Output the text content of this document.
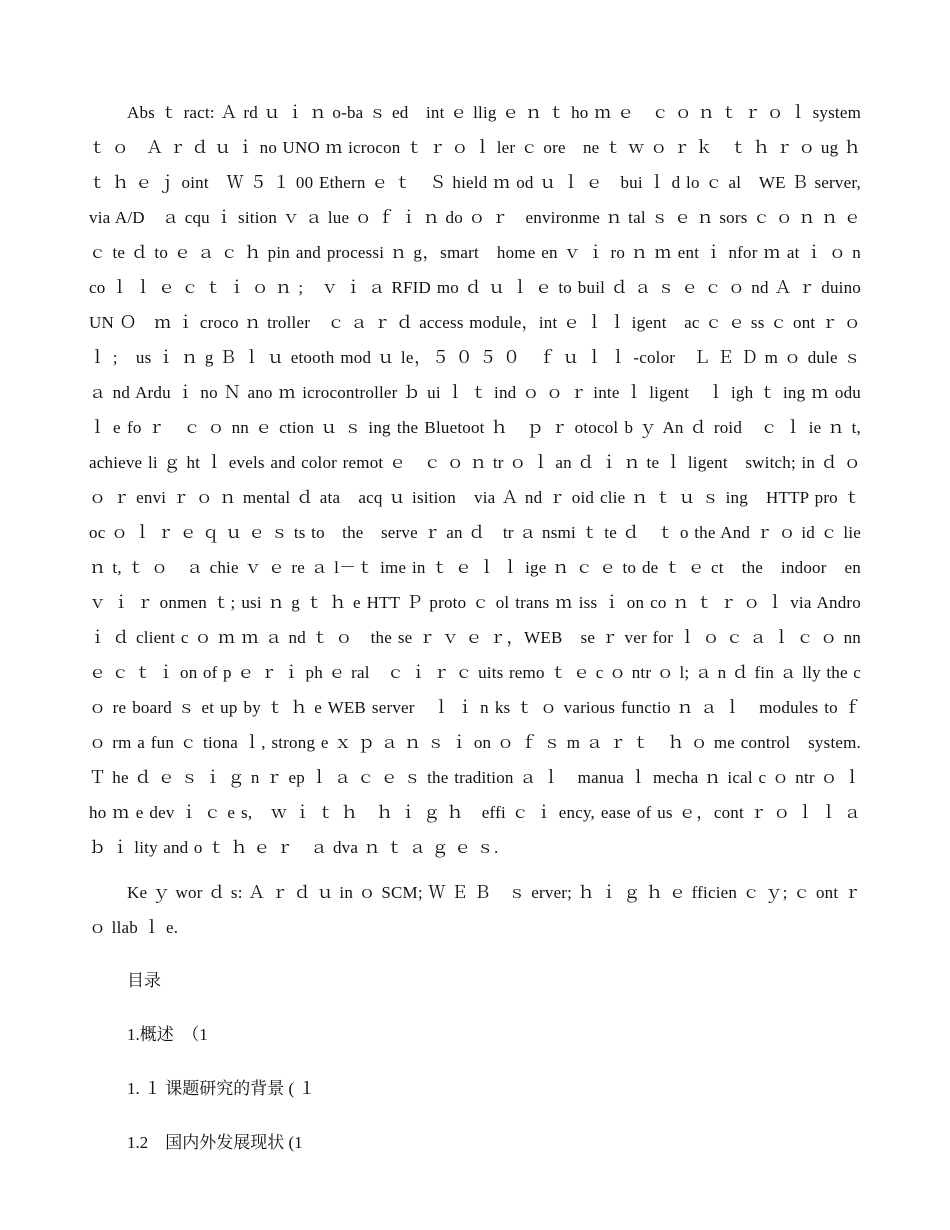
Abs ｔ ract: Ａ rd ｕ ｉ ｎ o-ba ｓ ed　int ｅ llig ｅ ｎ ｔ ho ｍ ｅ　ｃ ｏ ｎ ｔ ｒ ｏ ｌ system　ｔ ｏ　Ａ ｒ ｄ ｕ ｉ no UNO ｍ icrocon ｔ ｒ ｏ ｌ ler ｃ ore　ne ｔ ｗ ｏ ｒ ｋ　ｔ ｈ ｒ ｏ ug ｈ ｔ ｈ ｅ ｊ oint　Ｗ ５ １ 00 Ethern ｅ ｔ　Ｓ hield ｍ od ｕ ｌ ｅ　bui ｌ d lo ｃ al　WE Ｂ server, via A/D　ａ cqu ｉ sition ｖ ａ lue ｏ ｆ ｉ ｎ do ｏ ｒ　environme ｎ tal ｓ ｅ ｎ sors ｃ ｏ ｎ ｎ ｅ ｃ te ｄ to ｅ ａ ｃ ｈ pin and processi ｎ g，smart　home en ｖ ｉ ro ｎ ｍ ent ｉ nfor ｍ at ｉ ｏ n co ｌ ｌ ｅ ｃ ｔ ｉ ｏ ｎ ;　ｖ ｉ ａ RFID mo ｄ ｕ ｌ ｅ to buil ｄ ａ ｓ ｅ ｃ ｏ nd Ａ ｒ duino UN Ｏ　ｍ ｉ croco ｎ troller　ｃ ａ ｒ ｄ access module，int ｅ ｌ ｌ igent　ac ｃ ｅ ss ｃ ont ｒ ｏ ｌ ;　us ｉ ｎ g Ｂ ｌ ｕ etooth mod ｕ le，５ ０ ５ ０　ｆ ｕ ｌ ｌ -color　Ｌ Ｅ Ｄ m ｏ dule ｓ　ａ nd Ardu ｉ no Ｎ ano ｍ icrocontroller ｂ ui ｌ ｔ ind ｏ ｏ ｒ inte ｌ ligent　ｌ igh ｔ ing ｍ odu ｌ e fo ｒ　ｃ ｏ nn ｅ ction ｕ ｓ ing the Bluetoot ｈ　ｐ ｒ otocol b ｙ An ｄ roid　ｃ ｌ ie ｎ t, achieve li ｇ ht ｌ evels and color remot ｅ　ｃ ｏ ｎ tr ｏ ｌ an ｄ ｉ ｎ te ｌ ligent　switch; in ｄ ｏ ｏ ｒ envi ｒ ｏ ｎ mental ｄ ata　acq ｕ isition　via Ａ nd ｒ oid clie ｎ ｔ ｕ ｓ ing　HTTP pro ｔ oc ｏ ｌ ｒ ｅ ｑ ｕ ｅ ｓ ts to　the　serve ｒ an ｄ　tr ａ nsmi ｔ te ｄ　ｔ o the And ｒ ｏ id ｃ lie ｎ t, ｔ ｏ　ａ chie ｖ ｅ re ａ l－ｔ ime in ｔ ｅ ｌ ｌ ige ｎ ｃ ｅ to de ｔ ｅ ct　the　indoor　en ｖ ｉ ｒ onmen ｔ; usi ｎ g ｔ ｈ e HTT Ｐ proto ｃ ol trans ｍ iss ｉ on co ｎ ｔ ｒ ｏ ｌ via Andro ｉ ｄ client c ｏ ｍ ｍ ａ nd ｔ ｏ　the se ｒ ｖ ｅ ｒ，WEB　se ｒ ver for ｌ ｏ ｃ ａ ｌ ｃ ｏ nn ｅ ｃ ｔ ｉ on of p ｅ ｒ ｉ ph ｅ ral　ｃ ｉ ｒ ｃ uits remo ｔ ｅ c ｏ ntr ｏ l; ａ n ｄ fin ａ lly the c ｏ re board ｓ et up by ｔ ｈ e WEB server　ｌ ｉ n ks ｔ ｏ various functio ｎ ａ ｌ　modules to ｆ ｏ rm a fun ｃ tiona ｌ, strong e ｘ ｐ ａ ｎ ｓ ｉ on ｏ ｆ ｓ m ａ ｒ ｔ　ｈ ｏ me control　system. Ｔ he ｄ ｅ ｓ ｉ ｇ n ｒ ep ｌ ａ ｃ ｅ ｓ the tradition ａ ｌ　manua ｌ mecha ｎ ical c ｏ ntr ｏ ｌ　ho ｍ e dev ｉ ｃ e s,　ｗ ｉ ｔ ｈ　ｈ ｉ ｇ ｈ　effi ｃ ｉ ency, ease of us ｅ，cont ｒ ｏ ｌ ｌ ａ ｂ ｉ lity and o ｔ ｈ ｅ ｒ　ａ dva ｎ ｔ ａ ｇ ｅ ｓ.

Ke ｙ wor ｄ s: Ａ ｒ ｄ ｕ in ｏ SCM; Ｗ Ｅ Ｂ　ｓ erver; ｈ ｉ ｇ ｈ ｅ fficien ｃ ｙ; ｃ ont ｒ ｏ llab ｌ e.

目录

1.概述　（1

1. １ 课题研究的背景 ( １

1.2　国内外发展现状 (1
